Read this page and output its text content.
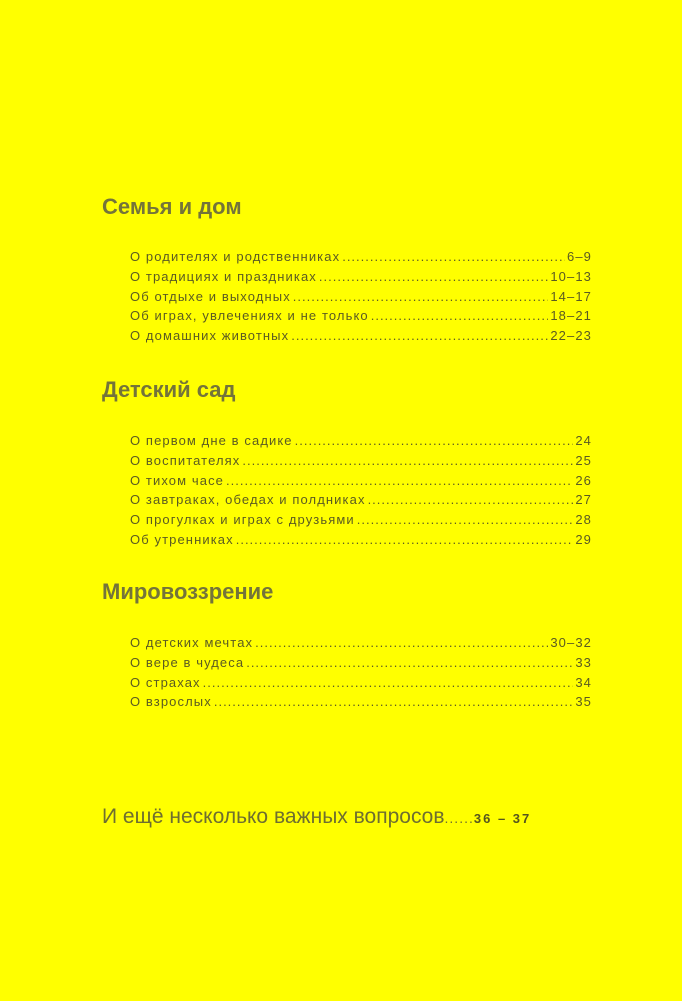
Семья и дом
О родителях и родственниках .....	6–9
О традициях и праздниках .....	10–13
Об отдыхе и выходных .....	14–17
Об играх, увлечениях и не только .....	18–21
О домашних животных .....	22–23
Детский сад
О первом дне в садике .....	24
О воспитателях .....	25
О тихом часе .....	26
О завтраках, обедах и полдниках .....	27
О прогулках и играх с друзьями .....	28
Об утренниках .....	29
Мировоззрение
О детских мечтах .....	30–32
О вере в чудеса .....	33
О страхах .....	34
О взрослых .....	35
И ещё несколько важных вопросов ...... 36 – 37
